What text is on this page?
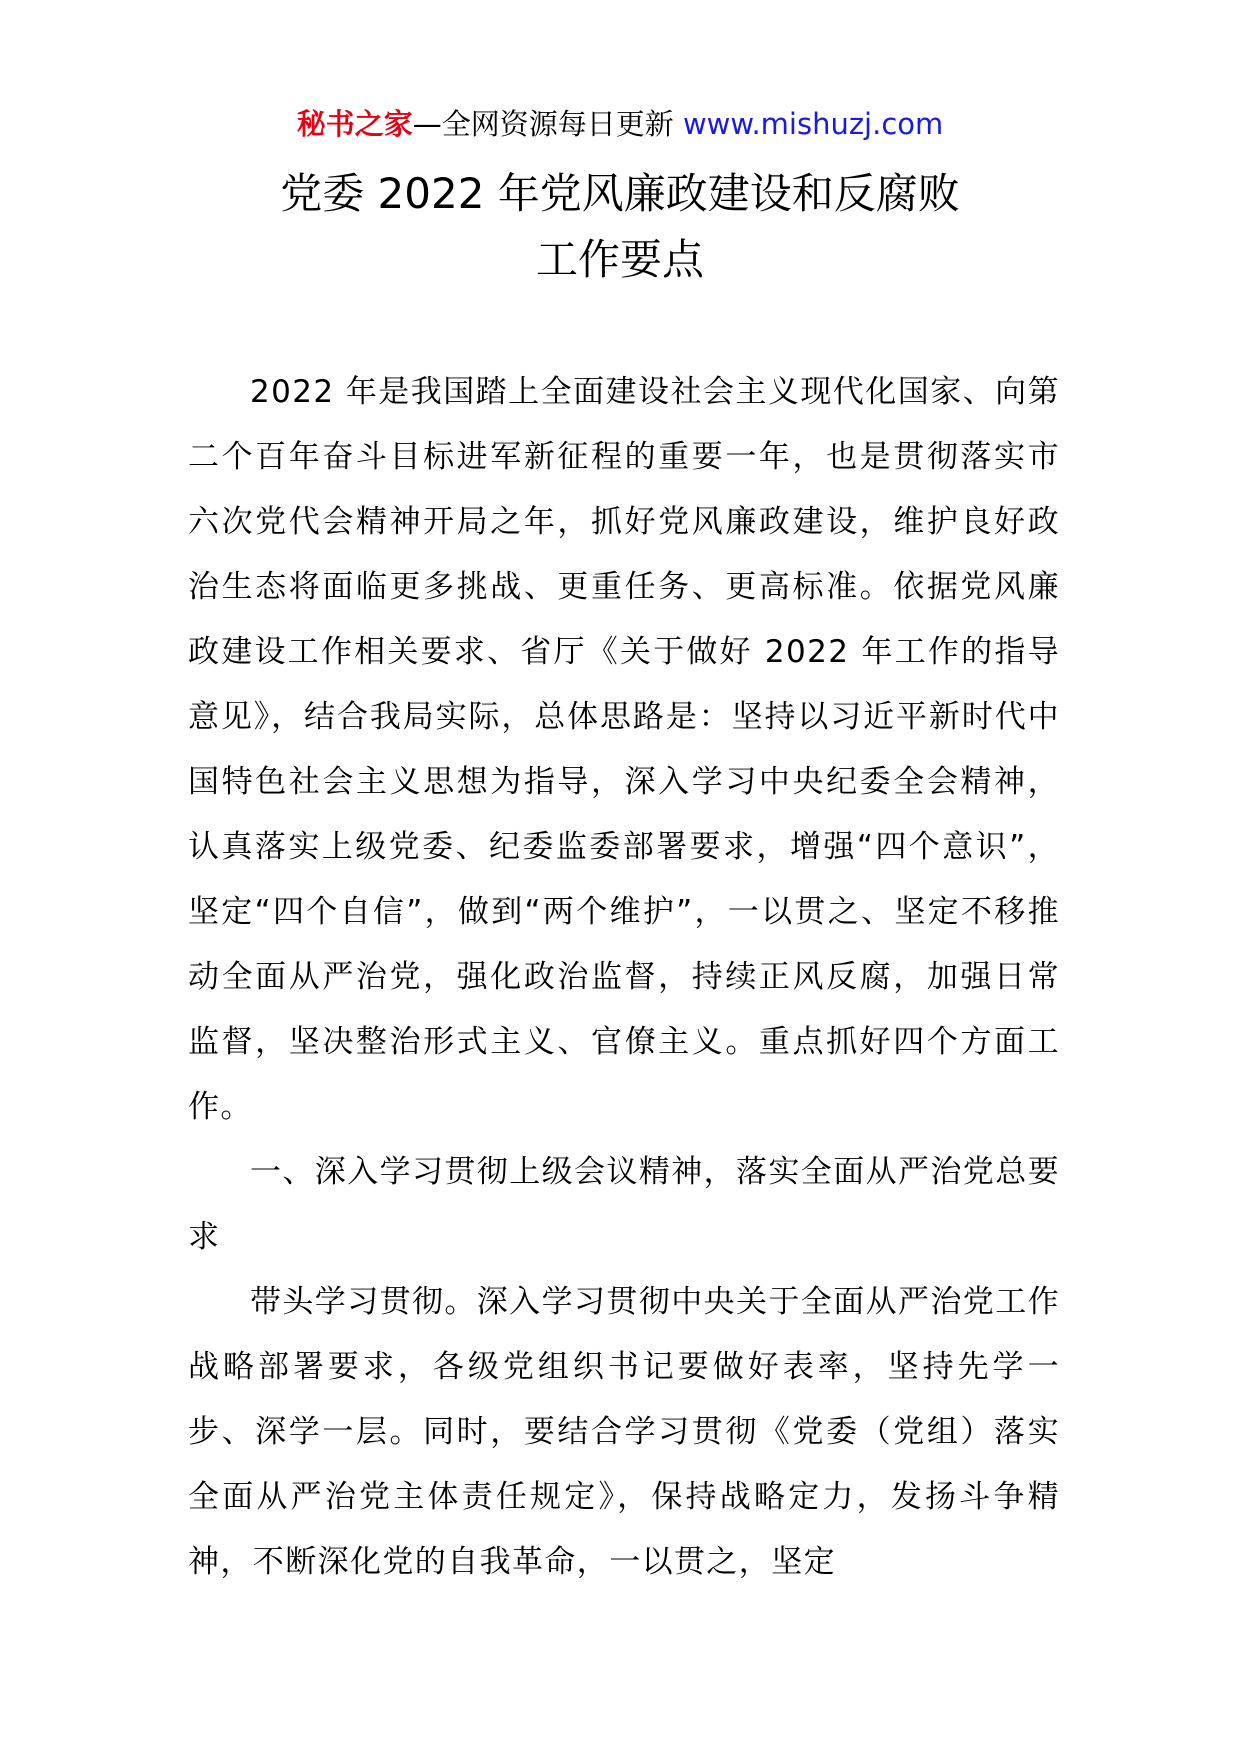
秘书之家—全网资源每日更新 www.mishuzj.com
党委 2022 年党风廉政建设和反腐败
工作要点

2022 年是我国踏上全面建设社会主义现代化国家、向第二个百年奋斗目标进军新征程的重要一年，也是贯彻落实市六次党代会精神开局之年，抓好党风廉政建设，维护良好政治生态将面临更多挑战、更重任务、更高标准。依据党风廉政建设工作相关要求、省厅《关于做好 2022 年工作的指导意见》，结合我局实际，总体思路是：坚持以习近平新时代中国特色社会主义思想为指导，深入学习中央纪委全会精神，认真落实上级党委、纪委监委部署要求，增强“四个意识”，坚定“四个自信”，做到“两个维护”，一以贯之、坚定不移推动全面从严治党，强化政治监督，持续正风反腐，加强日常监督，坚决整治形式主义、官僚主义。重点抓好四个方面工作。

一、深入学习贯彻上级会议精神，落实全面从严治党总要求

带头学习贯彻。深入学习贯彻中央关于全面从严治党工作战略部署要求，各级党组织书记要做好表率，坚持先学一步、深学一层。同时，要结合学习贯彻《党委（党组）落实全面从严治党主体责任规定》，保持战略定力，发扬斗争精神，不断深化党的自我革命，一以贯之，坚定
